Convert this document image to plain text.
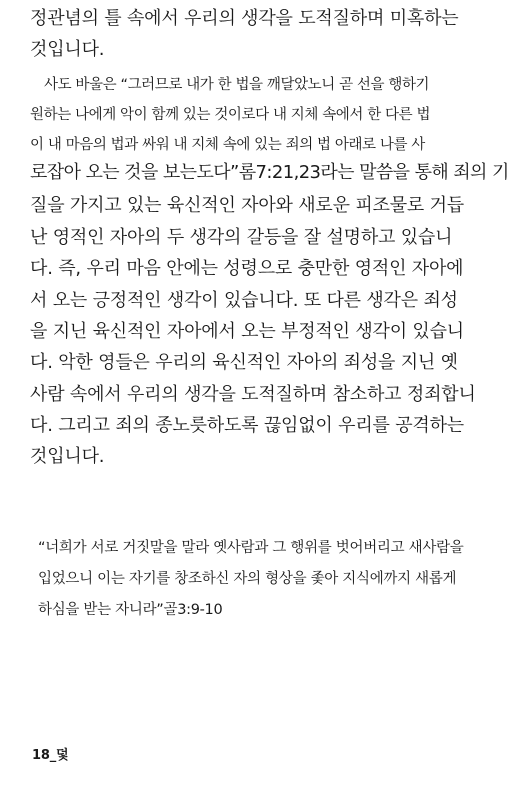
정관념의 틀 속에서 우리의 생각을 도적질하며 미혹하는
것입니다.
사도 바울은 “그러므로 내가 한 법을 깨달았노니 곧 선을 행하기
원하는 나에게 악이 함께 있는 것이로다 내 지체 속에서 한 다른 법
이 내 마음의 법과 싸워 내 지체 속에 있는 죄의 법 아래로 나를 사
로잡아 오는 것을 보는도다”롬7:21,23라는 말씀을 통해 죄의 기
질을 가지고 있는 육신적인 자아와 새로운 피조물로 거듭
난 영적인 자아의 두 생각의 갈등을 잘 설명하고 있습니
다. 즉, 우리 마음 안에는 성령으로 충만한 영적인 자아에
서 오는 긍정적인 생각이 있습니다. 또 다른 생각은 죄성
을 지닌 육신적인 자아에서 오는 부정적인 생각이 있습니
다. 악한 영들은 우리의 육신적인 자아의 죄성을 지닌 옛
사람 속에서 우리의 생각을 도적질하며 참소하고 정죄합니
다. 그리고 죄의 종노릇하도록 끊임없이 우리를 공격하는
것입니다.
“너희가 서로 거짓말을 말라 옛사람과 그 행위를 벗어버리고 새사람을
입었으니 이는 자기를 창조하신 자의 형상을 좇아 지식에까지 새롭게
하심을 받는 자니라”골3:9-10
18_덫
